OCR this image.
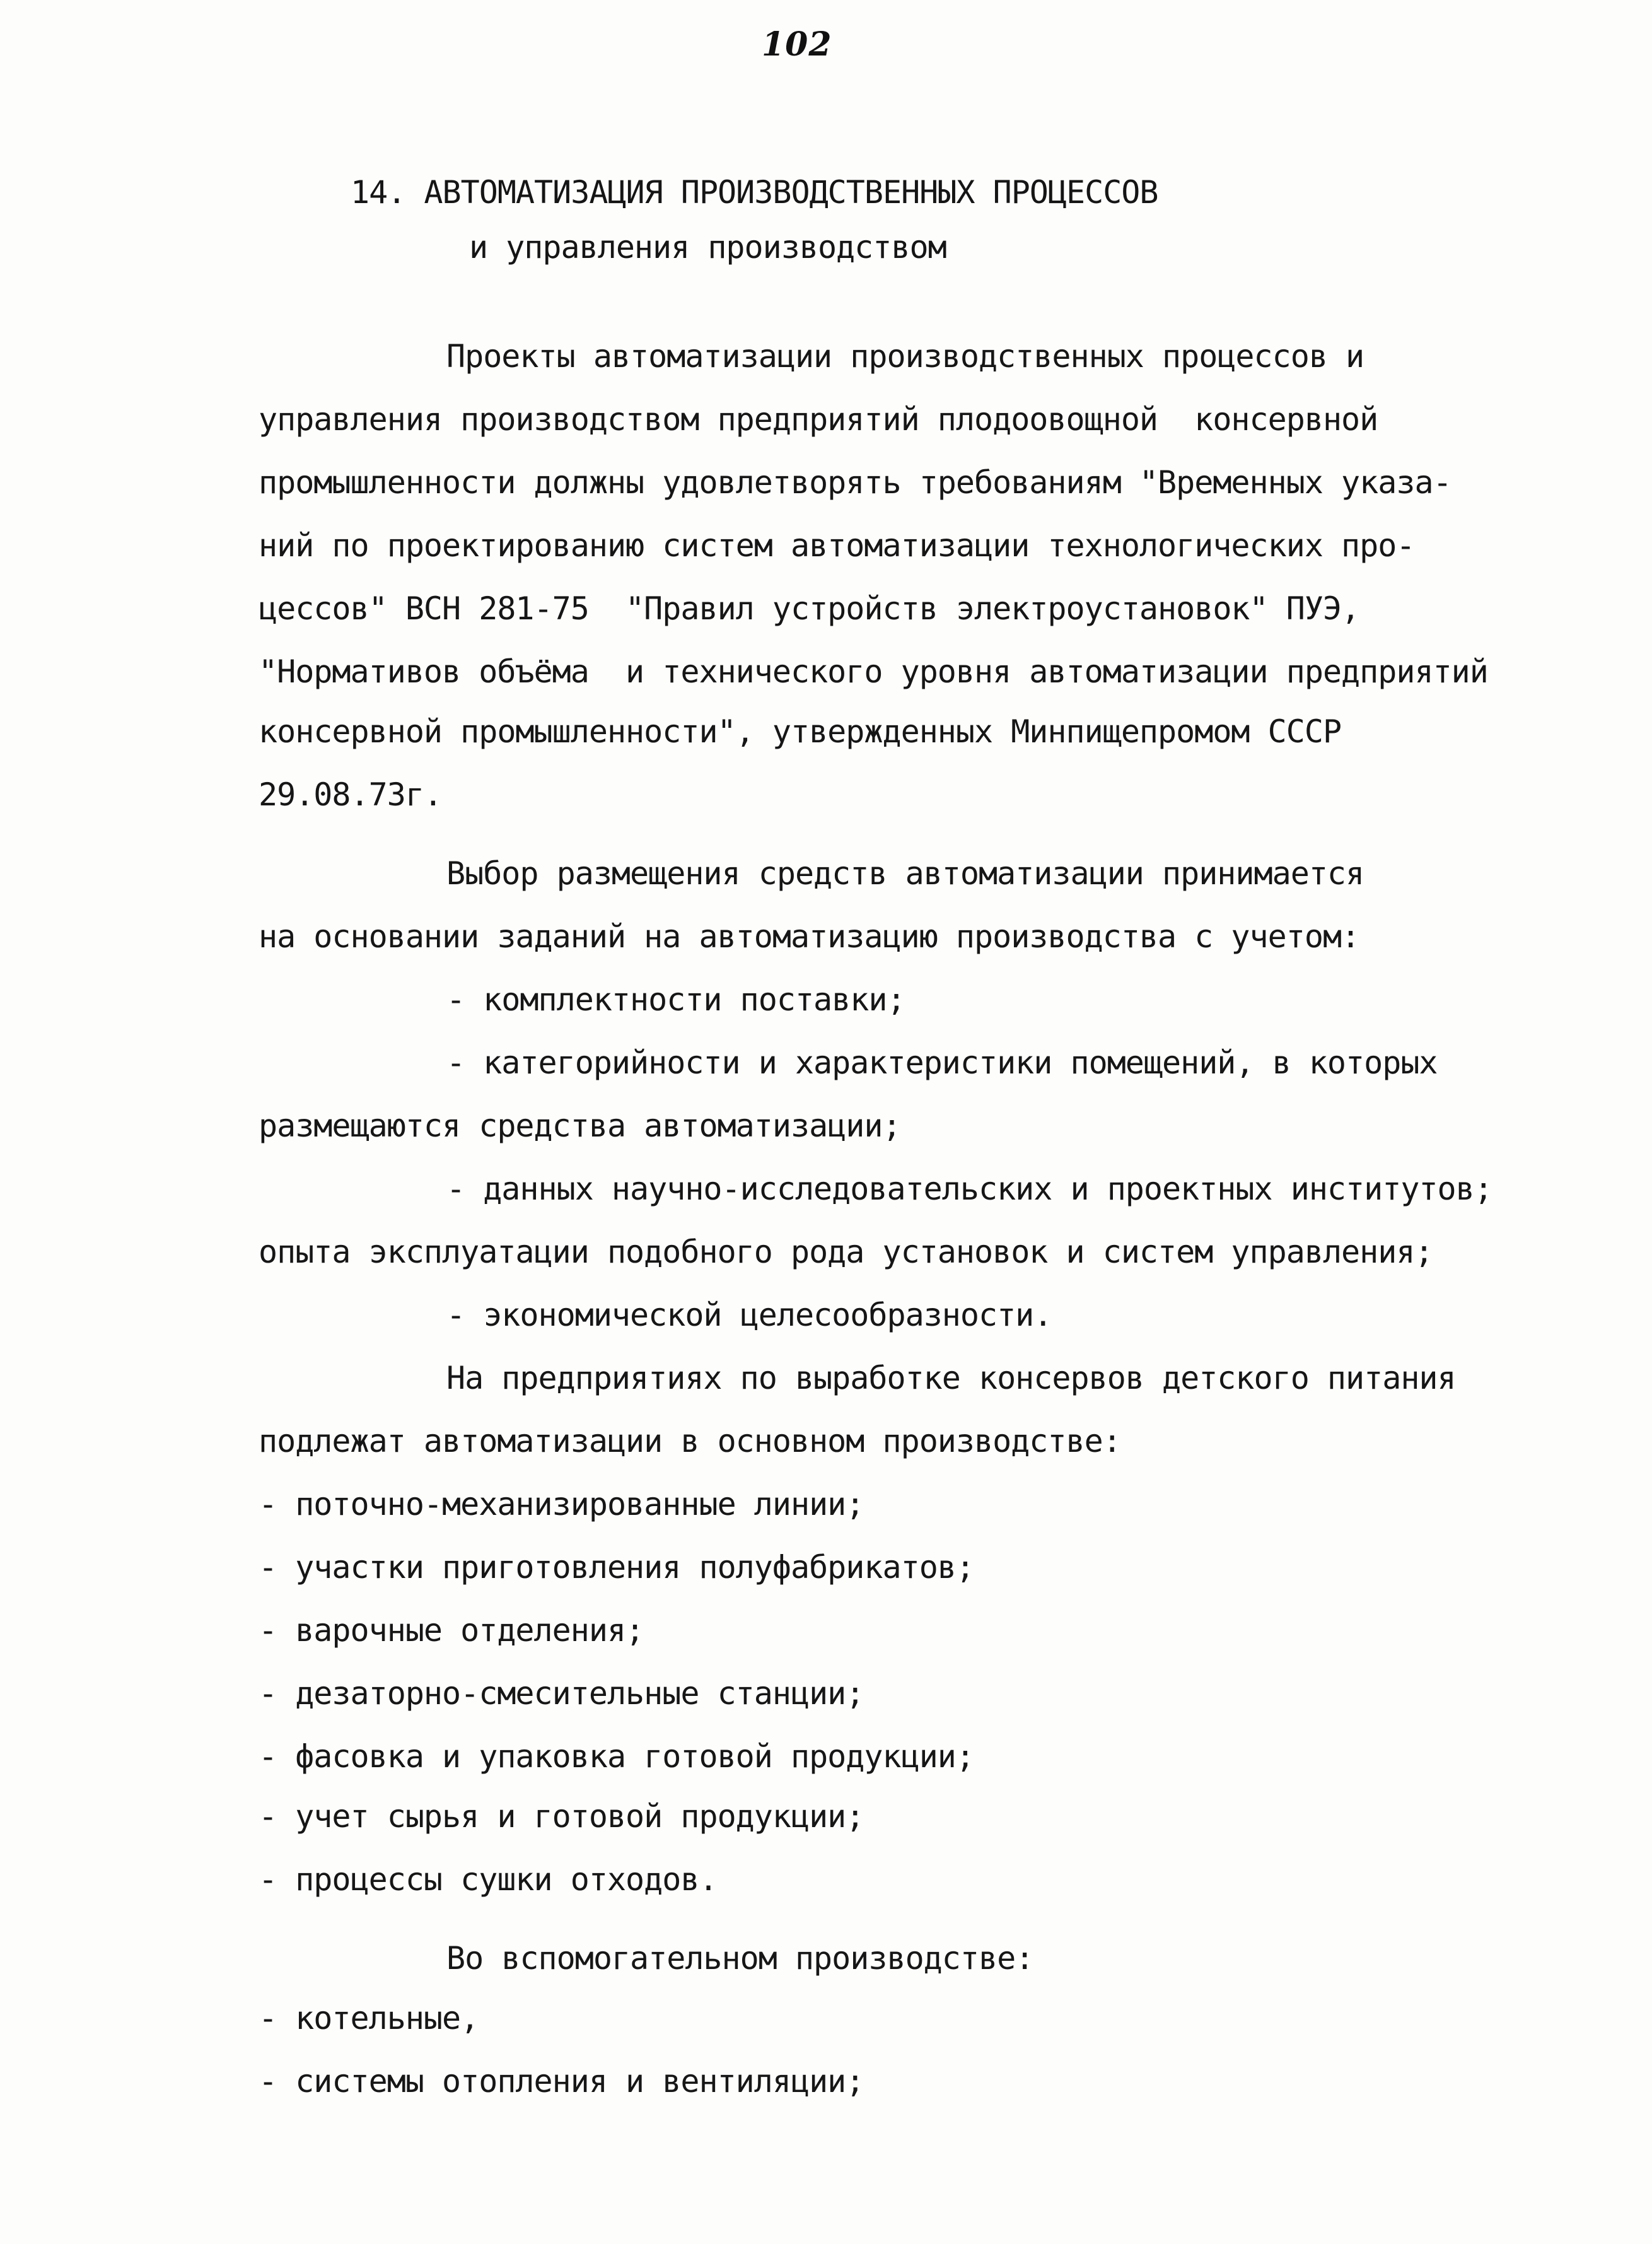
102
14. АВТОМАТИЗАЦИЯ ПРОИЗВОДСТВЕННЫХ ПРОЦЕССОВ
и управления производством
Проекты автоматизации производственных процессов и
управления производством предприятий плодоовощной  консервной
промышленности должны удовлетворять требованиям "Временных указа-
ний по проектированию систем автоматизации технологических про-
цессов" ВСН 281-75  "Правил устройств электроустановок" ПУЭ,
"Нормативов объёма  и технического уровня автоматизации предприятий
консервной промышленности", утвержденных Минпищепромом СССР
29.08.73г.
Выбор размещения средств автоматизации принимается
на основании заданий на автоматизацию производства с учетом:
- комплектности поставки;
- категорийности и характеристики помещений, в которых
размещаются средства автоматизации;
- данных научно-исследовательских и проектных институтов;
опыта эксплуатации подобного рода установок и систем управления;
- экономической целесообразности.
На предприятиях по выработке консервов детского питания
подлежат автоматизации в основном производстве:
- поточно-механизированные линии;
- участки приготовления полуфабрикатов;
- варочные отделения;
- дезаторно-смесительные станции;
- фасовка и упаковка готовой продукции;
- учет сырья и готовой продукции;
- процессы сушки отходов.
Во вспомогательном производстве:
- котельные,
- системы отопления и вентиляции;
